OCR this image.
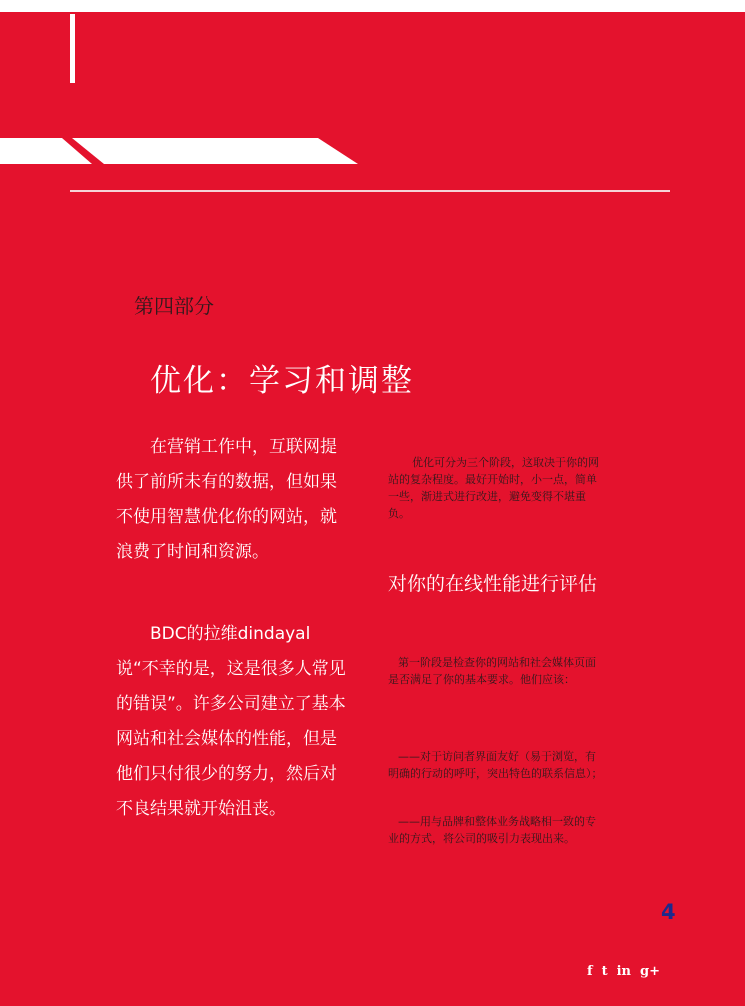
第四部分
优化：学习和调整

在营销工作中，互联网提供了前所未有的数据，但如果不使用智慧优化你的网站，就浪费了时间和资源。

BDC的拉维dindayal说“不幸的是，这是很多人常见的错误”。许多公司建立了基本网站和社会媒体的性能，但是他们只付很少的努力，然后对不良结果就开始沮丧。

优化可分为三个阶段，这取决于你的网站的复杂程度。最好开始时，小一点，简单一些，渐进式进行改进，避免变得不堪重负。

对你的在线性能进行评估

第一阶段是检查你的网站和社会媒体页面是否满足了你的基本要求。他们应该：

——对于访问者界面友好（易于浏览，有明确的行动的呼吁，突出特色的联系信息）；

——用与品牌和整体业务战略相一致的专业的方式，将公司的吸引力表现出来。

4
f t in g+
